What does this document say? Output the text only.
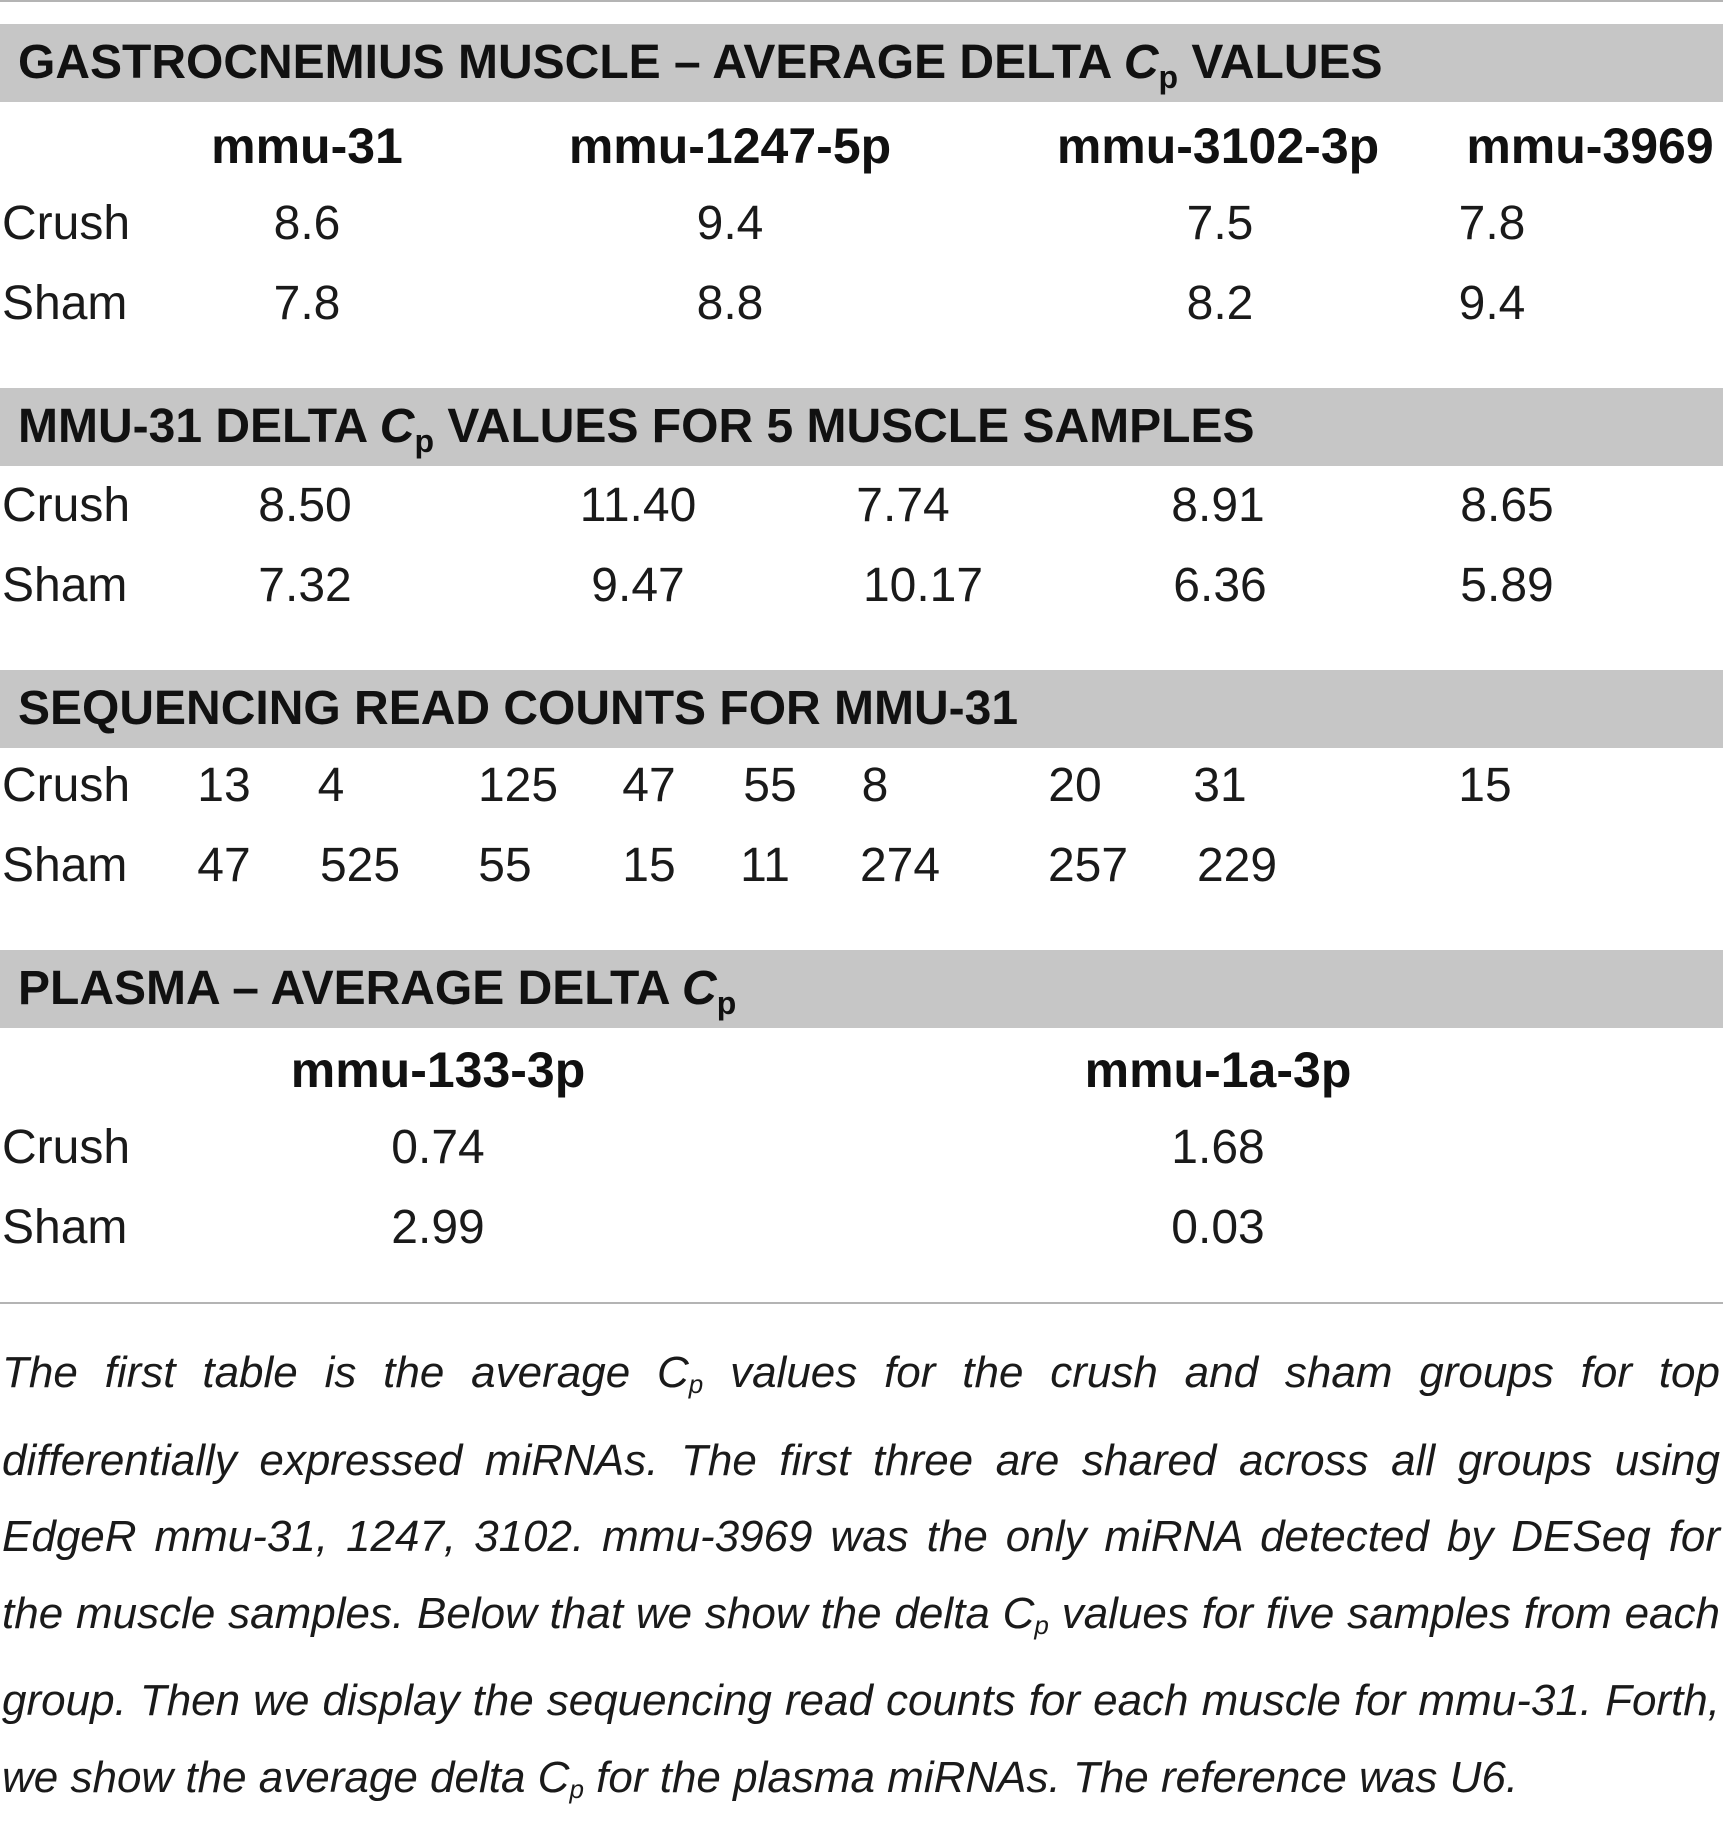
GASTROCNEMIUS MUSCLE – AVERAGE DELTA $C_p$ VALUES
mmu-31	mmu-1247-5p	mmu-3102-3p mmu-3969
Crush	8.6	9.4	7.5	7.8
Sham	7.8	8.8	8.2	9.4
MMU-31 DELTA $C_p$ VALUES FOR 5 MUSCLE SAMPLES
Crush	8.50	11.40	7.74	8.91	8.65
Sham	7.32	9.47	10.17	6.36	5.89
SEQUENCING READ COUNTS FOR MMU-31
Crush 13 4	125 47 55 8	20 31	15
Sham 47 525 55 15 11 274 257 229
PLASMA – AVERAGE DELTA $C_p$
mmu-133-3p	mmu-1a-3p
Crush	0.74	1.68
Sham	2.99	0.03

The first table is the average $C_p$ values for the crush and sham groups for top differentially expressed miRNAs. The first three are shared across all groups using EdgeR mmu-31, 1247, 3102. mmu-3969 was the only miRNA detected by DESeq for the muscle samples. Below that we show the delta $C_p$ values for five samples from each group. Then we display the sequencing read counts for each muscle for mmu-31. Forth, we show the average delta $C_p$ for the plasma miRNAs. The reference was U6.
